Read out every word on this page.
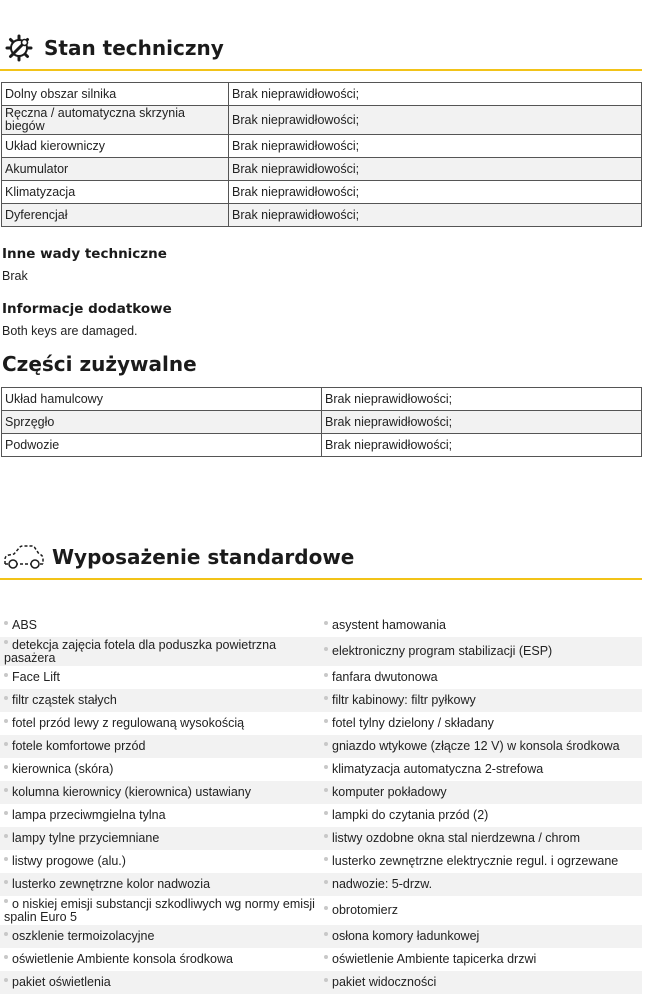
Stan techniczny
Dolny obszar silnika	Brak nieprawidłowości;
Ręczna / automatyczna skrzynia biegów	Brak nieprawidłowości;
Układ kierowniczy	Brak nieprawidłowości;
Akumulator	Brak nieprawidłowości;
Klimatyzacja	Brak nieprawidłowości;
Dyferencjał	Brak nieprawidłowości;
Inne wady techniczne
Brak
Informacje dodatkowe
Both keys are damaged.
Części zużywalne
Układ hamulcowy	Brak nieprawidłowości;
Sprzęgło	Brak nieprawidłowości;
Podwozie	Brak nieprawidłowości;
Wyposażenie standardowe
ABS	asystent hamowania
detekcja zajęcia fotela dla poduszka powietrzna pasażera	elektroniczny program stabilizacji (ESP)
Face Lift	fanfara dwutonowa
filtr cząstek stałych	filtr kabinowy: filtr pyłkowy
fotel przód lewy z regulowaną wysokością	fotel tylny dzielony / składany
fotele komfortowe przód	gniazdo wtykowe (złącze 12 V) w konsola środkowa
kierownica (skóra)	klimatyzacja automatyczna 2-strefowa
kolumna kierownicy (kierownica) ustawiany	komputer pokładowy
lampa przeciwmgielna tylna	lampki do czytania przód (2)
lampy tylne przyciemniane	listwy ozdobne okna stal nierdzewna / chrom
listwy progowe (alu.)	lusterko zewnętrzne elektrycznie regul. i ogrzewane
lusterko zewnętrzne kolor nadwozia	nadwozie: 5-drzw.
o niskiej emisji substancji szkodliwych wg normy emisji spalin Euro 5	obrotomierz
oszklenie termoizolacyjne	osłona komory ładunkowej
oświetlenie Ambiente konsola środkowa	oświetlenie Ambiente tapicerka drzwi
pakiet oświetlenia	pakiet widoczności
